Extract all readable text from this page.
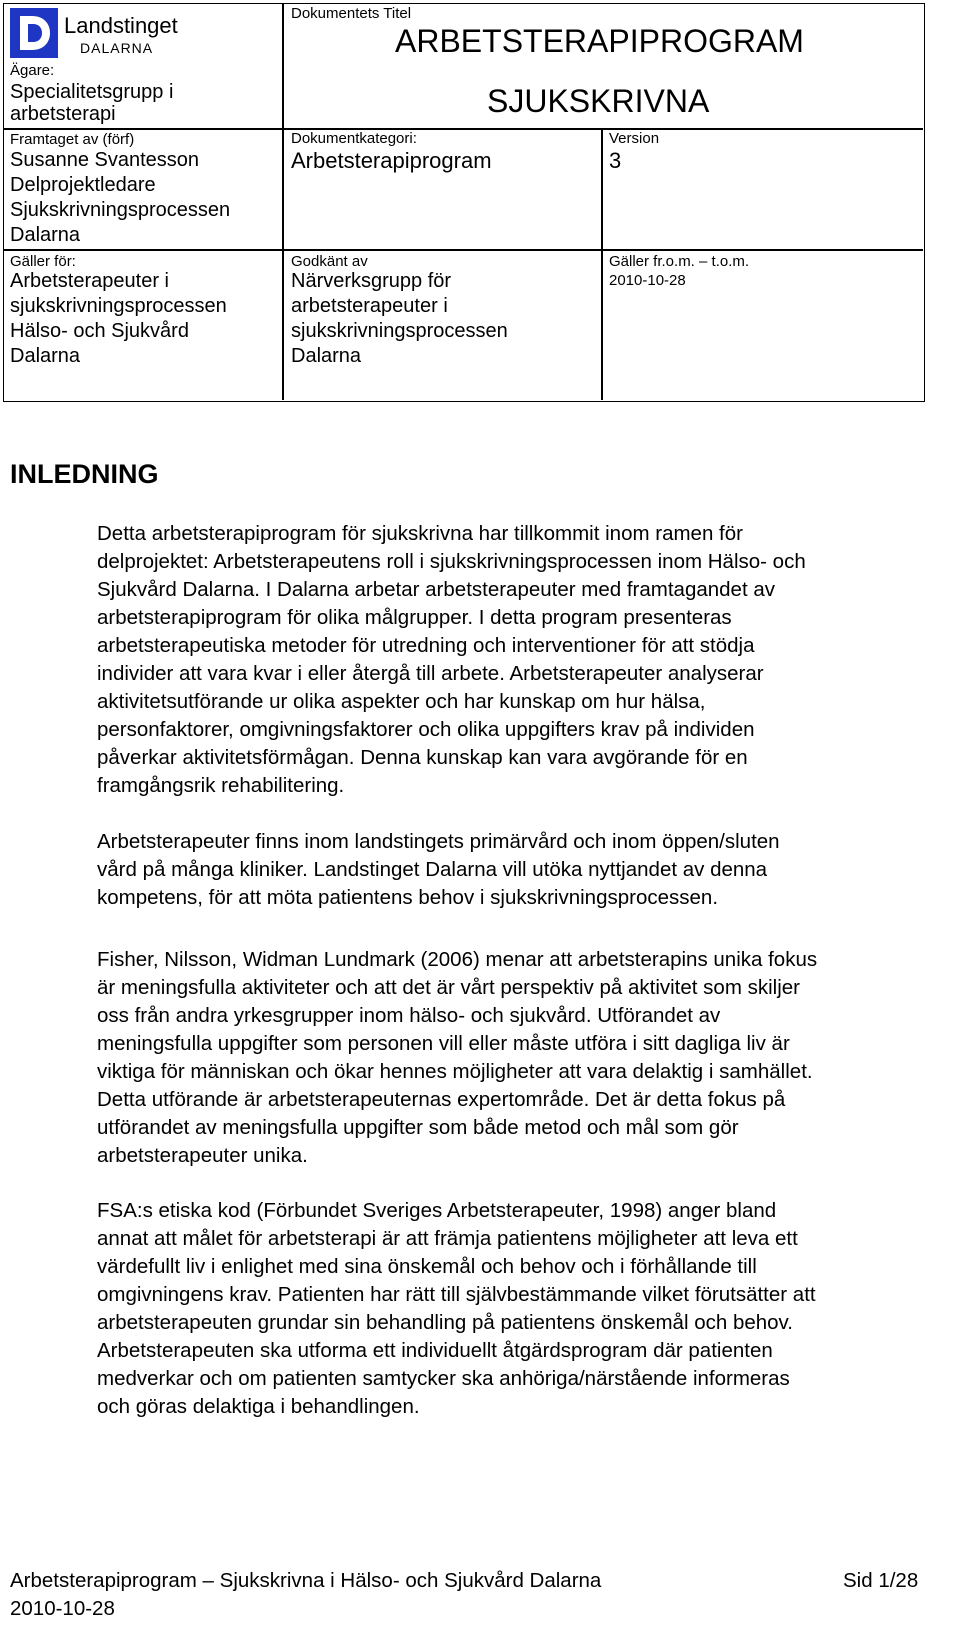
Landstinget
DALARNA
Ägare:
Specialitetsgrupp i
arbetsterapi
Framtaget av (förf)
Susanne Svantesson
Delprojektledare
Sjukskrivningsprocessen
Dalarna
Gäller för:
Arbetsterapeuter i
sjukskrivningsprocessen
Hälso- och Sjukvård
Dalarna
Dokumentets Titel
ARBETSTERAPIPROGRAM
SJUKSKRIVNA
Dokumentkategori:
Arbetsterapiprogram
Version
3
Godkänt av
Närverksgrupp för
arbetsterapeuter i
sjukskrivningsprocessen
Dalarna
Gäller fr.o.m. – t.o.m.
2010-10-28
INLEDNING
Detta arbetsterapiprogram för sjukskrivna har tillkommit inom ramen för
delprojektet: Arbetsterapeutens roll i sjukskrivningsprocessen inom Hälso- och
Sjukvård Dalarna. I Dalarna arbetar arbetsterapeuter med framtagandet av
arbetsterapiprogram för olika målgrupper. I detta program presenteras
arbetsterapeutiska metoder för utredning och interventioner för att stödja
individer att vara kvar i eller återgå till arbete. Arbetsterapeuter analyserar
aktivitetsutförande ur olika aspekter och har kunskap om hur hälsa,
personfaktorer, omgivningsfaktorer och olika uppgifters krav på individen
påverkar aktivitetsförmågan. Denna kunskap kan vara avgörande för en
framgångsrik rehabilitering.
Arbetsterapeuter finns inom landstingets primärvård och inom öppen/sluten
vård på många kliniker. Landstinget Dalarna vill utöka nyttjandet av denna
kompetens, för att möta patientens behov i sjukskrivningsprocessen.
Fisher, Nilsson, Widman Lundmark (2006) menar att arbetsterapins unika fokus
är meningsfulla aktiviteter och att det är vårt perspektiv på aktivitet som skiljer
oss från andra yrkesgrupper inom hälso- och sjukvård. Utförandet av
meningsfulla uppgifter som personen vill eller måste utföra i sitt dagliga liv är
viktiga för människan och ökar hennes möjligheter att vara delaktig i samhället.
Detta utförande är arbetsterapeuternas expertområde. Det är detta fokus på
utförandet av meningsfulla uppgifter som både metod och mål som gör
arbetsterapeuter unika.
FSA:s etiska kod (Förbundet Sveriges Arbetsterapeuter, 1998) anger bland
annat att målet för arbetsterapi är att främja patientens möjligheter att leva ett
värdefullt liv i enlighet med sina önskemål och behov och i förhållande till
omgivningens krav. Patienten har rätt till självbestämmande vilket förutsätter att
arbetsterapeuten grundar sin behandling på patientens önskemål och behov.
Arbetsterapeuten ska utforma ett individuellt åtgärdsprogram där patienten
medverkar och om patienten samtycker ska anhöriga/närstående informeras
och göras delaktiga i behandlingen.
Arbetsterapiprogram – Sjukskrivna i Hälso- och Sjukvård Dalarna	Sid 1/28
2010-10-28
